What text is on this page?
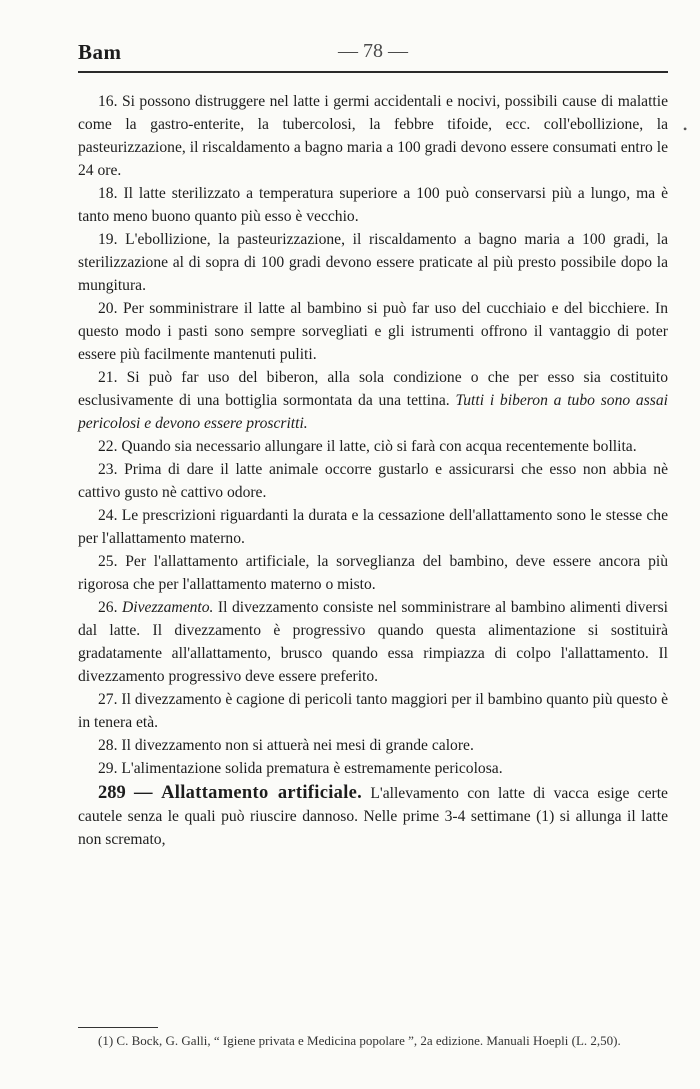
Bam	— 78 —
•

16. Si possono distruggere nel latte i germi accidentali e nocivi, possibili cause di malattie come la gastro-enterite, la tubercolosi, la febbre tifoide, ecc. coll'ebollizione, la pasteurizzazione, il riscaldamento a bagno maria a 100 gradi devono essere consumati entro le 24 ore.

18. Il latte sterilizzato a temperatura superiore a 100 può conservarsi più a lungo, ma è tanto meno buono quanto più esso è vecchio.

19. L'ebollizione, la pasteurizzazione, il riscaldamento a bagno maria a 100 gradi, la sterilizzazione al di sopra di 100 gradi devono essere praticate al più presto possibile dopo la mungitura.

20. Per somministrare il latte al bambino si può far uso del cucchiaio e del bicchiere. In questo modo i pasti sono sempre sorvegliati e gli istrumenti offrono il vantaggio di poter essere più facilmente mantenuti puliti.

21. Si può far uso del biberon, alla sola condizione o che per esso sia costituito esclusivamente di una bottiglia sormontata da una tettina. Tutti i biberon a tubo sono assai pericolosi e devono essere proscritti.

22. Quando sia necessario allungare il latte, ciò si farà con acqua recentemente bollita.

23. Prima di dare il latte animale occorre gustarlo e assicurarsi che esso non abbia nè cattivo gusto nè cattivo odore.

24. Le prescrizioni riguardanti la durata e la cessazione dell'allattamento sono le stesse che per l'allattamento materno.

25. Per l'allattamento artificiale, la sorveglianza del bambino, deve essere ancora più rigorosa che per l'allattamento materno o misto.

26. Divezzamento. Il divezzamento consiste nel somministrare al bambino alimenti diversi dal latte. Il divezzamento è progressivo quando questa alimentazione si sostituirà gradatamente all'allattamento, brusco quando essa rimpiazza di colpo l'allattamento. Il divezzamento progressivo deve essere preferito.

27. Il divezzamento è cagione di pericoli tanto maggiori per il bambino quanto più questo è in tenera età.

28. Il divezzamento non si attuerà nei mesi di grande calore.

29. L'alimentazione solida prematura è estremamente pericolosa.

289 — Allattamento artificiale. L'allevamento con latte di vacca esige certe cautele senza le quali può riuscire dannoso. Nelle prime 3-4 settimane (1) si allunga il latte non scremato,

(1) C. Bock, G. Galli, “ Igiene privata e Medicina popolare ”, 2a edizione. Manuali Hoepli (L. 2,50).
